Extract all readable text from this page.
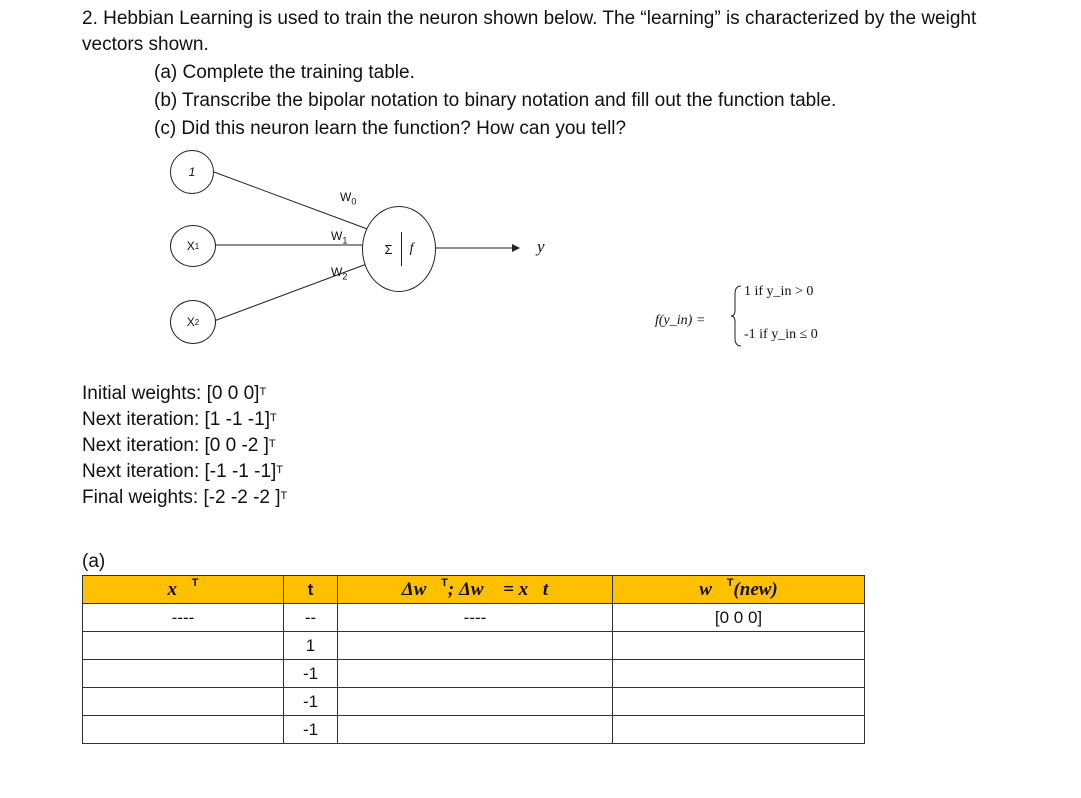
2. Hebbian Learning is used to train the neuron shown below. The “learning” is characterized by the weight
vectors shown.
(a) Complete the training table.
(b) Transcribe the bipolar notation to binary notation and fill out the function table.
(c) Did this neuron learn the function? How can you tell?
1
X 1
X 2
$W_0$
$W_1$
$W_2$
Σ f	y
f(y_in) =
1 if y_in > 0
-1 if y_in ≤ 0
Initial weights: [0 0 0]$^T$
Next iteration: [1 -1 -1]$^T$
Next iteration: [0 0 -2 ]$^T$
Next iteration: [-1 -1 -1]$^T$
Final weights: [-2 -2 -2 ]$^T$
(a)
x⃗$^T$	t	Δw⃗$^T$; Δw⃗ = x⃗t	w⃗$^T$(new)
----	--	----	[0 0 0]
	1		
	-1		
	-1		
	-1		
